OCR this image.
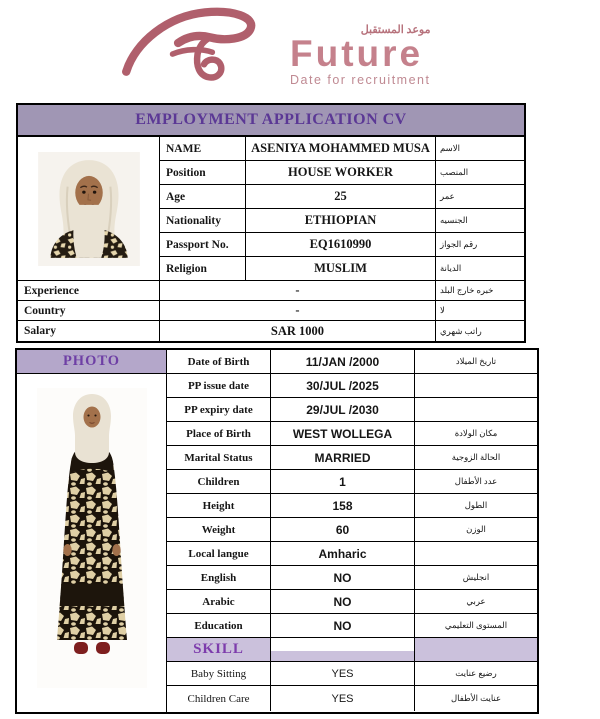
موعد المستقبل
Future
Date for recruitment
EMPLOYMENT APPLICATION CV
NAME	ASENIYA MOHAMMED MUSA	الاسم
Position	HOUSE WORKER	المنصب
Age	25	عمر
Nationality	ETHIOPIAN	الجنسيه
Passport No.	EQ1610990	رقم الجواز
Religion	MUSLIM	الديانة
Experience	-	خبره خارج البلد
Country	-	لا
Salary	SAR 1000	راتب شهري
PHOTO	Date of Birth	11/JAN /2000	تاريخ الميلاد
PP issue date	30/JUL /2025
PP expiry date	29/JUL /2030
Place of Birth	WEST WOLLEGA	مكان الولادة
Marital Status	MARRIED	الحالة الزوجية
Children	1	عدد الأطفال
Height	158	الطول
Weight	60	الوزن
Local langue	Amharic
English	NO	انجليش
Arabic	NO	عربي
Education	NO	المستوى التعليمي
SKILL
Baby Sitting	YES	رضيع عنايت
Children Care	YES	عنايت الأطفال
